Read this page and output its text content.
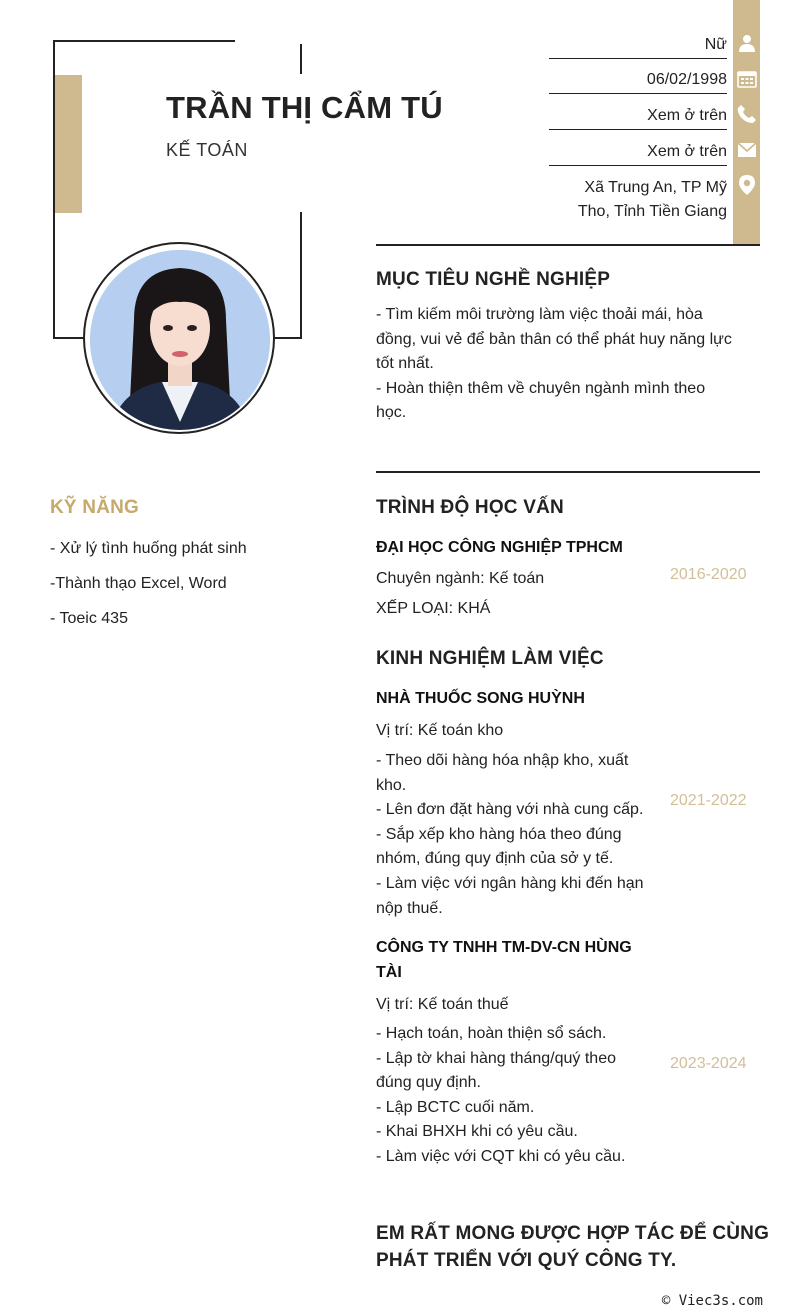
TRẦN THỊ CẨM TÚ
KẾ TOÁN
Nữ
06/02/1998
Xem ở trên
Xem ở trên
Xã Trung An, TP Mỹ
Tho, Tỉnh Tiền Giang
MỤC TIÊU NGHỀ NGHIỆP
- Tìm kiếm môi trường làm việc thoải mái, hòa
đồng, vui vẻ để bản thân có thể phát huy năng lực
tốt nhất.
- Hoàn thiện thêm về chuyên ngành mình theo
học.
KỸ NĂNG
- Xử lý tình huống phát sinh
-Thành thạo Excel, Word
- Toeic 435
TRÌNH ĐỘ HỌC VẤN
ĐẠI HỌC CÔNG NGHIỆP TPHCM
Chuyên ngành: Kế toán
XẾP LOẠI: KHÁ
2016-2020
KINH NGHIỆM LÀM VIỆC
NHÀ THUỐC SONG HUỲNH
Vị trí: Kế toán kho
- Theo dõi hàng hóa nhập kho, xuất
kho.
- Lên đơn đặt hàng với nhà cung cấp.
- Sắp xếp kho hàng hóa theo đúng
nhóm, đúng quy định của sở y tế.
- Làm việc với ngân hàng khi đến hạn
nộp thuế.
2021-2022
CÔNG TY TNHH TM-DV-CN HÙNG
TÀI
Vị trí: Kế toán thuế
- Hạch toán, hoàn thiện sổ sách.
- Lập tờ khai hàng tháng/quý theo
đúng quy định.
- Lập BCTC cuối năm.
- Khai BHXH khi có yêu cầu.
- Làm việc với CQT khi có yêu cầu.
2023-2024
EM RẤT MONG ĐƯỢC HỢP TÁC ĐỂ CÙNG
PHÁT TRIỂN VỚI QUÝ CÔNG TY.
© Viec3s.com
